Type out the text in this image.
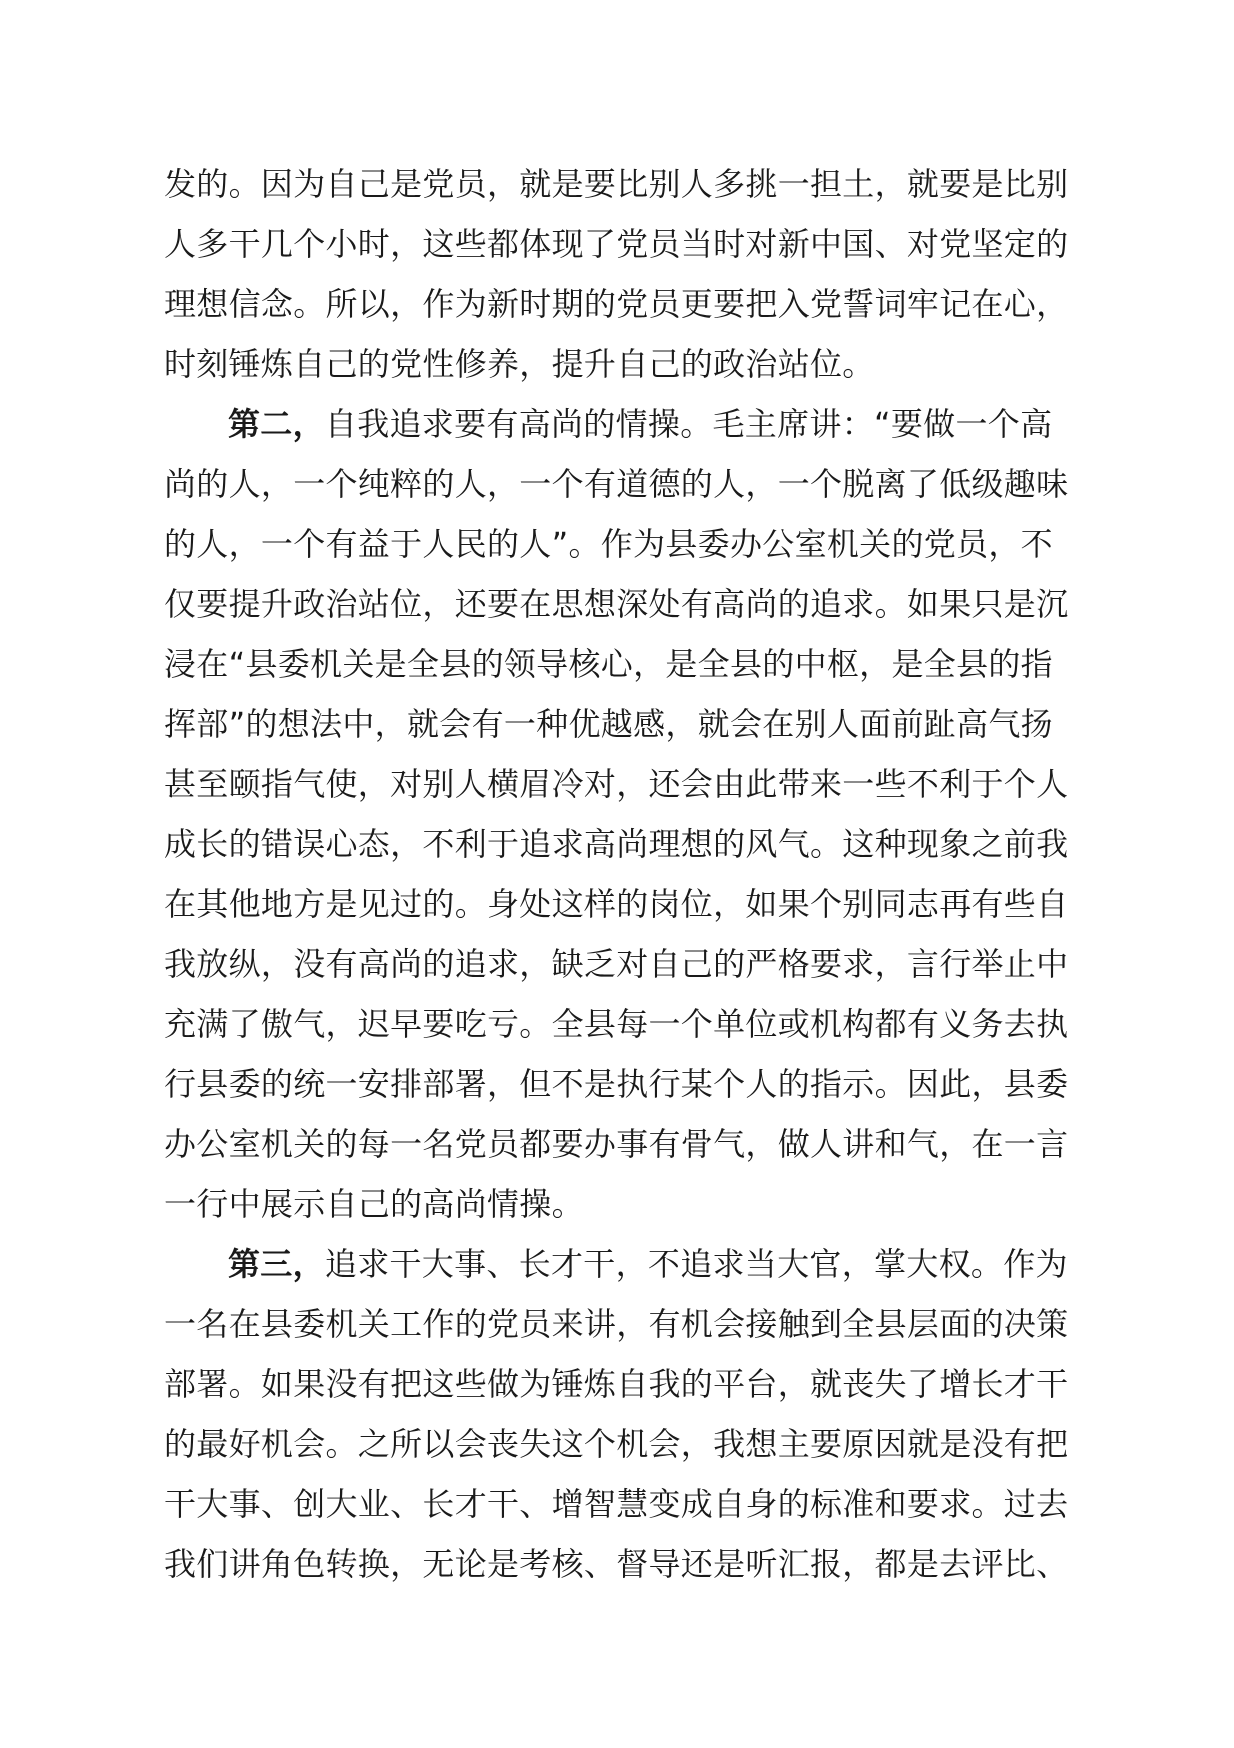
发的。因为自己是党员，就是要比别人多挑一担土，就要是比别
人多干几个小时，这些都体现了党员当时对新中国、对党坚定的
理想信念。所以，作为新时期的党员更要把入党誓词牢记在心，
时刻锤炼自己的党性修养，提升自己的政治站位。
第二，自我追求要有高尚的情操。毛主席讲：“要做一个高
尚的人，一个纯粹的人，一个有道德的人，一个脱离了低级趣味
的人，一个有益于人民的人”。作为县委办公室机关的党员，不
仅要提升政治站位，还要在思想深处有高尚的追求。如果只是沉
浸在“县委机关是全县的领导核心，是全县的中枢，是全县的指
挥部”的想法中，就会有一种优越感，就会在别人面前趾高气扬
甚至颐指气使，对别人横眉冷对，还会由此带来一些不利于个人
成长的错误心态，不利于追求高尚理想的风气。这种现象之前我
在其他地方是见过的。身处这样的岗位，如果个别同志再有些自
我放纵，没有高尚的追求，缺乏对自己的严格要求，言行举止中
充满了傲气，迟早要吃亏。全县每一个单位或机构都有义务去执
行县委的统一安排部署，但不是执行某个人的指示。因此，县委
办公室机关的每一名党员都要办事有骨气，做人讲和气，在一言
一行中展示自己的高尚情操。
第三，追求干大事、长才干，不追求当大官，掌大权。作为
一名在县委机关工作的党员来讲，有机会接触到全县层面的决策
部署。如果没有把这些做为锤炼自我的平台，就丧失了增长才干
的最好机会。之所以会丧失这个机会，我想主要原因就是没有把
干大事、创大业、长才干、增智慧变成自身的标准和要求。过去
我们讲角色转换，无论是考核、督导还是听汇报，都是去评比、
